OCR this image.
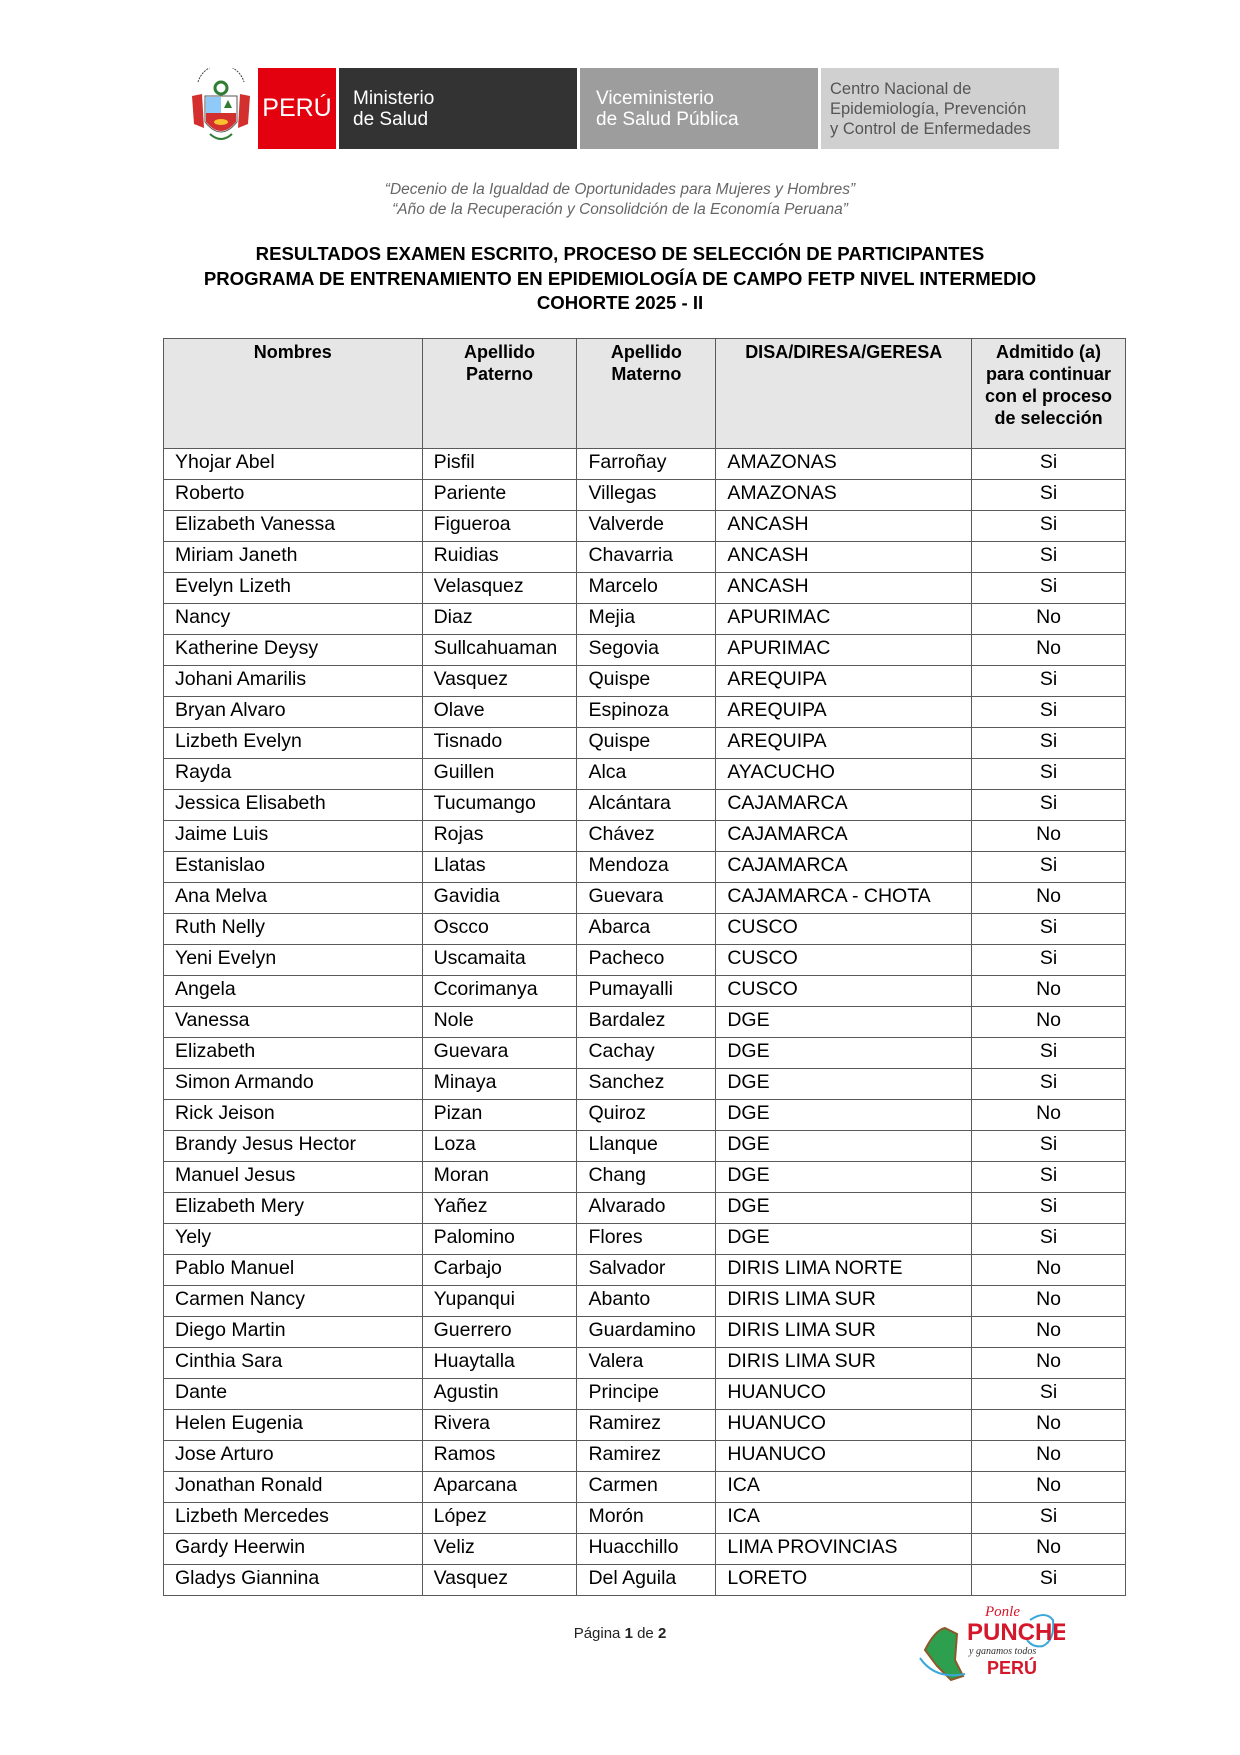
PERÚ Ministerio
de Salud
Viceministerio
de Salud Pública
Centro Nacional de
Epidemiología, Prevención
y Control de Enfermedades
“Decenio de la Igualdad de Oportunidades para Mujeres y Hombres”
“Año de la Recuperación y Consolidción de la Economía Peruana”
RESULTADOS EXAMEN ESCRITO, PROCESO DE SELECCIÓN DE PARTICIPANTES
PROGRAMA DE ENTRENAMIENTO EN EPIDEMIOLOGÍA DE CAMPO FETP NIVEL INTERMEDIO
COHORTE 2025 - II
Nombres	Apellido Paterno	Apellido Materno	DISA/DIRESA/GERESA	Admitido (a) para continuar con el proceso de selección

Yhojar Abel	Pisfil	Farroñay	AMAZONAS	Si
Roberto	Pariente	Villegas	AMAZONAS	Si
Elizabeth Vanessa	Figueroa	Valverde	ANCASH	Si
Miriam Janeth	Ruidias	Chavarria	ANCASH	Si
Evelyn Lizeth	Velasquez	Marcelo	ANCASH	Si
Nancy	Diaz	Mejia	APURIMAC	No
Katherine Deysy	Sullcahuaman	Segovia	APURIMAC	No
Johani Amarilis	Vasquez	Quispe	AREQUIPA	Si
Bryan Alvaro	Olave	Espinoza	AREQUIPA	Si
Lizbeth Evelyn	Tisnado	Quispe	AREQUIPA	Si
Rayda	Guillen	Alca	AYACUCHO	Si
Jessica Elisabeth	Tucumango	Alcántara	CAJAMARCA	Si
Jaime Luis	Rojas	Chávez	CAJAMARCA	No
Estanislao	Llatas	Mendoza	CAJAMARCA	Si
Ana Melva	Gavidia	Guevara	CAJAMARCA - CHOTA	No
Ruth Nelly	Oscco	Abarca	CUSCO	Si
Yeni Evelyn	Uscamaita	Pacheco	CUSCO	Si
Angela	Ccorimanya	Pumayalli	CUSCO	No
Vanessa	Nole	Bardalez	DGE	No
Elizabeth	Guevara	Cachay	DGE	Si
Simon Armando	Minaya	Sanchez	DGE	Si
Rick Jeison	Pizan	Quiroz	DGE	No
Brandy Jesus Hector	Loza	Llanque	DGE	Si
Manuel Jesus	Moran	Chang	DGE	Si
Elizabeth Mery	Yañez	Alvarado	DGE	Si
Yely	Palomino	Flores	DGE	Si
Pablo Manuel	Carbajo	Salvador	DIRIS LIMA NORTE	No
Carmen Nancy	Yupanqui	Abanto	DIRIS LIMA SUR	No
Diego Martin	Guerrero	Guardamino	DIRIS LIMA SUR	No
Cinthia Sara	Huaytalla	Valera	DIRIS LIMA SUR	No
Dante	Agustin	Principe	HUANUCO	Si
Helen Eugenia	Rivera	Ramirez	HUANUCO	No
Jose Arturo	Ramos	Ramirez	HUANUCO	No
Jonathan Ronald	Aparcana	Carmen	ICA	No
Lizbeth Mercedes	López	Morón	ICA	Si
Gardy Heerwin	Veliz	Huacchillo	LIMA PROVINCIAS	No
Gladys Giannina	Vasquez	Del Aguila	LORETO	Si
Página 1 de 2
Ponle
PUNCHE
y ganamos todos
PERÚ
